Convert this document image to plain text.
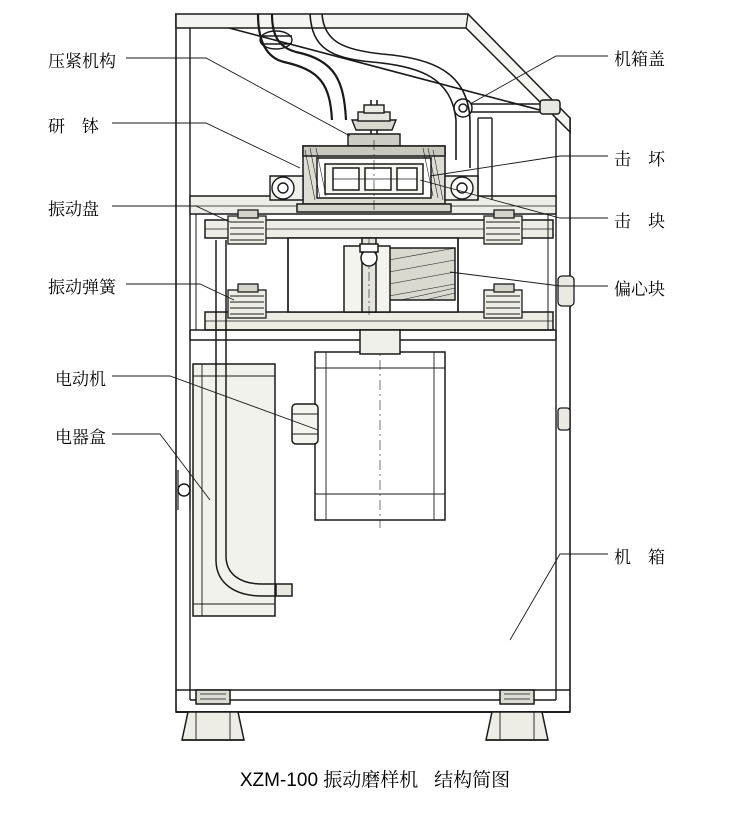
压紧机构
研　钵
振动盘
振动弹簧
电动机
电器盒
机箱盖
击　坏
击　块
偏心块
机　箱
XZM-100 振动磨样机   结构简图
